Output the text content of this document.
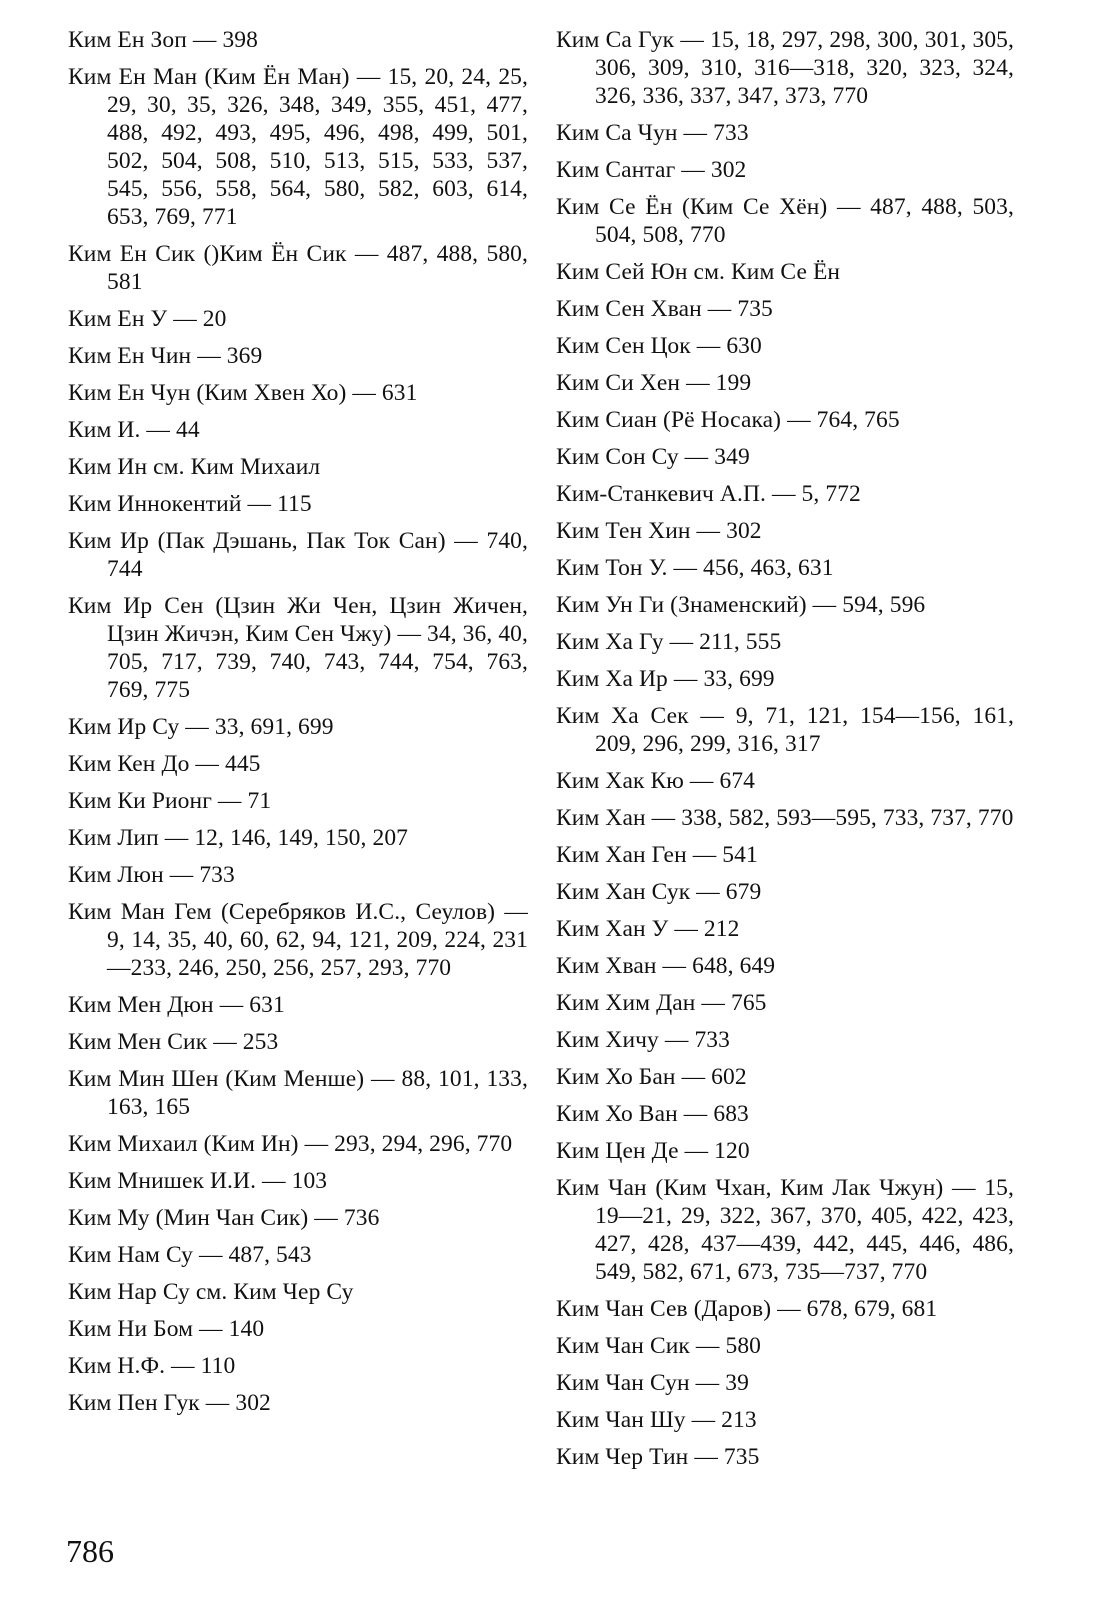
Ким Ен Зоп — 398
Ким Ен Ман (Ким Ён Ман) — 15, 20, 24, 25, 29, 30, 35, 326, 348, 349, 355, 451, 477, 488, 492, 493, 495, 496, 498, 499, 501, 502, 504, 508, 510, 513, 515, 533, 537, 545, 556, 558, 564, 580, 582, 603, 614, 653, 769, 771
Ким Ен Сик ()Ким Ён Сик — 487, 488, 580, 581
Ким Ен У — 20
Ким Ен Чин — 369
Ким Ен Чун (Ким Хвен Хо) — 631
Ким И. — 44
Ким Ин см. Ким Михаил
Ким Иннокентий — 115
Ким Ир (Пак Дэшань, Пак Ток Сан) — 740, 744
Ким Ир Сен (Цзин Жи Чен, Цзин Жичен, Цзин Жичэн, Ким Сен Чжу) — 34, 36, 40, 705, 717, 739, 740, 743, 744, 754, 763, 769, 775
Ким Ир Су — 33, 691, 699
Ким Кен До — 445
Ким Ки Рионг — 71
Ким Лип — 12, 146, 149, 150, 207
Ким Люн — 733
Ким Ман Гем (Серебряков И.С., Сеулов) — 9, 14, 35, 40, 60, 62, 94, 121, 209, 224, 231—233, 246, 250, 256, 257, 293, 770
Ким Мен Дюн — 631
Ким Мен Сик — 253
Ким Мин Шен (Ким Менше) — 88, 101, 133, 163, 165
Ким Михаил (Ким Ин) — 293, 294, 296, 770
Ким Мнишек И.И. — 103
Ким Му (Мин Чан Сик) — 736
Ким Нам Су — 487, 543
Ким Нар Су см. Ким Чер Су
Ким Ни Бом — 140
Ким Н.Ф. — 110
Ким Пен Гук — 302
Ким Са Гук — 15, 18, 297, 298, 300, 301, 305, 306, 309, 310, 316—318, 320, 323, 324, 326, 336, 337, 347, 373, 770
Ким Са Чун — 733
Ким Сантаг — 302
Ким Се Ён (Ким Се Хён) — 487, 488, 503, 504, 508, 770
Ким Сей Юн см. Ким Се Ён
Ким Сен Хван — 735
Ким Сен Цок — 630
Ким Си Хен — 199
Ким Сиан (Рё Носака) — 764, 765
Ким Сон Су — 349
Ким-Станкевич А.П. — 5, 772
Ким Тен Хин — 302
Ким Тон У. — 456, 463, 631
Ким Ун Ги (Знаменский) — 594, 596
Ким Ха Гу — 211, 555
Ким Ха Ир — 33, 699
Ким Ха Сек — 9, 71, 121, 154—156, 161, 209, 296, 299, 316, 317
Ким Хак Кю — 674
Ким Хан — 338, 582, 593—595, 733, 737, 770
Ким Хан Ген — 541
Ким Хан Сук — 679
Ким Хан У — 212
Ким Хван — 648, 649
Ким Хим Дан — 765
Ким Хичу — 733
Ким Хо Бан — 602
Ким Хо Ван — 683
Ким Цен Де — 120
Ким Чан (Ким Чхан, Ким Лак Чжун) — 15, 19—21, 29, 322, 367, 370, 405, 422, 423, 427, 428, 437—439, 442, 445, 446, 486, 549, 582, 671, 673, 735—737, 770
Ким Чан Сев (Даров) — 678, 679, 681
Ким Чан Сик — 580
Ким Чан Сун — 39
Ким Чан Шу — 213
Ким Чер Тин — 735
786
